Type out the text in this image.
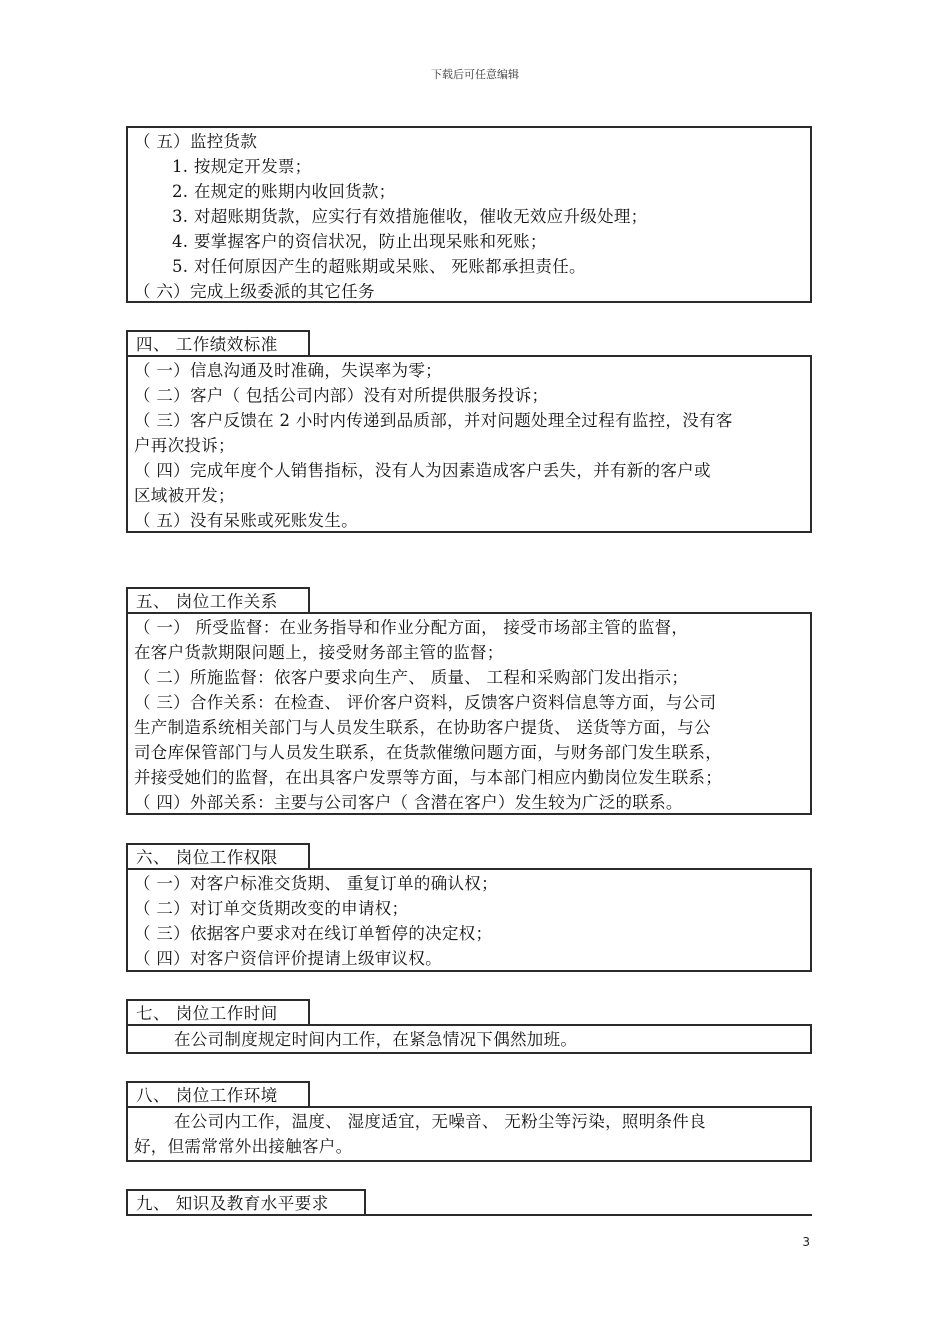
下载后可任意编辑
（ 五）监控货款
1. 按规定开发票；
2. 在规定的账期内收回货款；
3. 对超账期货款，应实行有效措施催收，催收无效应升级处理；
4. 要掌握客户的资信状况，防止出现呆账和死账；
5. 对任何原因产生的超账期或呆账、 死账都承担责任。
（ 六）完成上级委派的其它任务
四、 工作绩效标准
（ 一）信息沟通及时准确，失误率为零；
（ 二）客户（ 包括公司内部）没有对所提供服务投诉；
（ 三）客户反馈在 2 小时内传递到品质部，并对问题处理全过程有监控，没有客
户再次投诉；
（ 四）完成年度个人销售指标，没有人为因素造成客户丢失，并有新的客户或
区域被开发；
（ 五）没有呆账或死账发生。
五、 岗位工作关系
（ 一） 所受监督：在业务指导和作业分配方面， 接受市场部主管的监督，
在客户货款期限问题上，接受财务部主管的监督；
（ 二）所施监督：依客户要求向生产、 质量、 工程和采购部门发出指示；
（ 三）合作关系：在检查、 评价客户资料，反馈客户资料信息等方面，与公司
生产制造系统相关部门与人员发生联系，在协助客户提货、 送货等方面，与公
司仓库保管部门与人员发生联系，在货款催缴问题方面，与财务部门发生联系，
并接受她们的监督，在出具客户发票等方面，与本部门相应内勤岗位发生联系；
（ 四）外部关系：主要与公司客户（ 含潜在客户）发生较为广泛的联系。
六、 岗位工作权限
（ 一）对客户标准交货期、 重复订单的确认权；
（ 二）对订单交货期改变的申请权；
（ 三）依据客户要求对在线订单暂停的决定权；
（ 四）对客户资信评价提请上级审议权。
七、 岗位工作时间
在公司制度规定时间内工作，在紧急情况下偶然加班。
八、 岗位工作环境
在公司内工作，温度、 湿度适宜，无噪音、 无粉尘等污染，照明条件良
好，但需常常外出接触客户。
九、 知识及教育水平要求
3
